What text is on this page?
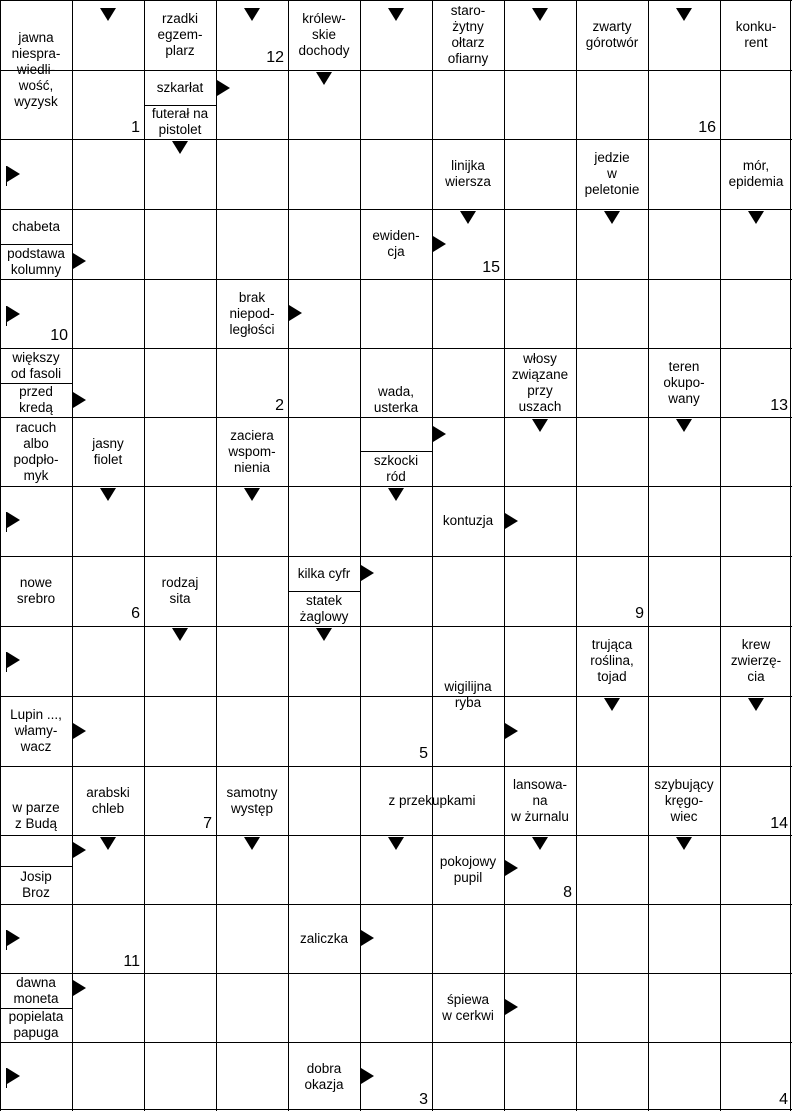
jawna
niespra-
wiedli-
wość,
wyzysk
rzadki
egzem-
plarz
królew-
skie
dochody
staro-
żytny
ołtarz
ofiarny
zwarty
górotwór
konku-
rent
szkarłat
futerał na
pistolet
linijka
wiersza
jedzie
w
peletonie
mór,
epidemia
chabeta
podstawa
kolumny
ewiden-
cja
brak
niepod-
ległości
większy
od fasoli
przed
kredą
wada,
usterka
włosy
związane
przy
uszach
teren
okupo-
wany
racuch
albo
podpło-
myk
jasny
fiolet
zaciera
wspom-
nienia	szkocki
ród
kontuzja
nowe
srebro
rodzaj
sita
kilka cyfr
statek
żaglowy
trująca
roślina,
tojad
krew
zwierzę-
cia
wigilijna
ryba
Lupin ...,
włamy-
wacz
w parze
z Budą
arabski
chleb
samotny
występ
z przekupkami
lansowa-
na
w żurnalu
szybujący
kręgo-
wiec
Josip
Broz
pokojowy
pupil
zaliczka
dawna
moneta
popielata
papuga
śpiewa
w cerkwi
dobra
okazja
1
12
16
15
10
2	13
6	9
5
7	14
8
11
3	4
